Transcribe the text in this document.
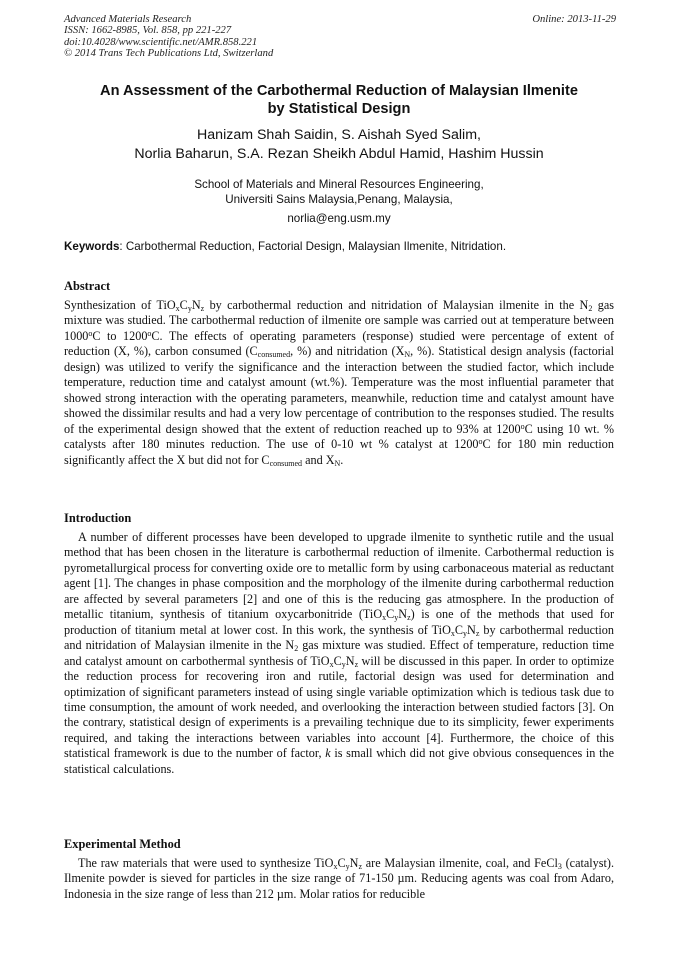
Advanced Materials Research
ISSN: 1662-8985, Vol. 858, pp 221-227
doi:10.4028/www.scientific.net/AMR.858.221
© 2014 Trans Tech Publications Ltd, Switzerland
Online: 2013-11-29
An Assessment of the Carbothermal Reduction of Malaysian Ilmenite
by Statistical Design
Hanizam Shah Saidin, S. Aishah Syed Salim,
Norlia Baharun, S.A. Rezan Sheikh Abdul Hamid, Hashim Hussin
School of Materials and Mineral Resources Engineering,
Universiti Sains Malaysia,Penang, Malaysia,
norlia@eng.usm.my
Keywords: Carbothermal Reduction, Factorial Design, Malaysian Ilmenite, Nitridation.
Abstract
Synthesization of $TiO_xC_yN_z$ by carbothermal reduction and nitridation of Malaysian ilmenite in the $N_2$ gas mixture was studied. The carbothermal reduction of ilmenite ore sample was carried out at temperature between 1000$^o$C to 1200$^o$C. The effects of operating parameters (response) studied were percentage of extent of reduction (X, %), carbon consumed ($C_{consumed}$, %) and nitridation ($X_N$, %). Statistical design analysis (factorial design) was utilized to verify the significance and the interaction between the studied factor, which include temperature, reduction time and catalyst amount (wt.%). Temperature was the most influential parameter that showed strong interaction with the operating parameters, meanwhile, reduction time and catalyst amount have showed the dissimilar results and had a very low percentage of contribution to the responses studied. The results of the experimental design showed that the extent of reduction reached up to 93% at 1200$^o$C using 10 wt. % catalysts after 180 minutes reduction. The use of 0-10 wt % catalyst at 1200$^o$C for 180 min reduction significantly affect the X but did not for $C_{consumed}$ and $X_N$.
Introduction
A number of different processes have been developed to upgrade ilmenite to synthetic rutile and the usual method that has been chosen in the literature is carbothermal reduction of ilmenite. Carbothermal reduction is pyrometallurgical process for converting oxide ore to metallic form by using carbonaceous material as reductant agent [1]. The changes in phase composition and the morphology of the ilmenite during carbothermal reduction are affected by several parameters [2] and one of this is the reducing gas atmosphere. In the production of metallic titanium, synthesis of titanium oxycarbonitride $(TiO_xC_yN_z)$ is one of the methods that used for production of titanium metal at lower cost. In this work, the synthesis of $TiO_xC_yN_z$ by carbothermal reduction and nitridation of Malaysian ilmenite in the $N_2$ gas mixture was studied. Effect of temperature, reduction time and catalyst amount on carbothermal synthesis of $TiO_xC_yN_z$ will be discussed in this paper. In order to optimize the reduction process for recovering iron and rutile, factorial design was used for determination and optimization of significant parameters instead of using single variable optimization which is tedious task due to time consumption, the amount of work needed, and overlooking the interaction between studied factors [3]. On the contrary, statistical design of experiments is a prevailing technique due to its simplicity, fewer experiments required, and taking the interactions between variables into account [4]. Furthermore, the choice of this statistical framework is due to the number of factor, k is small which did not give obvious consequences in the statistical calculations.
Experimental Method
The raw materials that were used to synthesize $TiO_xC_yN_z$ are Malaysian ilmenite, coal, and FeCl$_3$ (catalyst). Ilmenite powder is sieved for particles in the size range of 71-150 µm. Reducing agents was coal from Adaro, Indonesia in the size range of less than 212 µm. Molar ratios for reducible
